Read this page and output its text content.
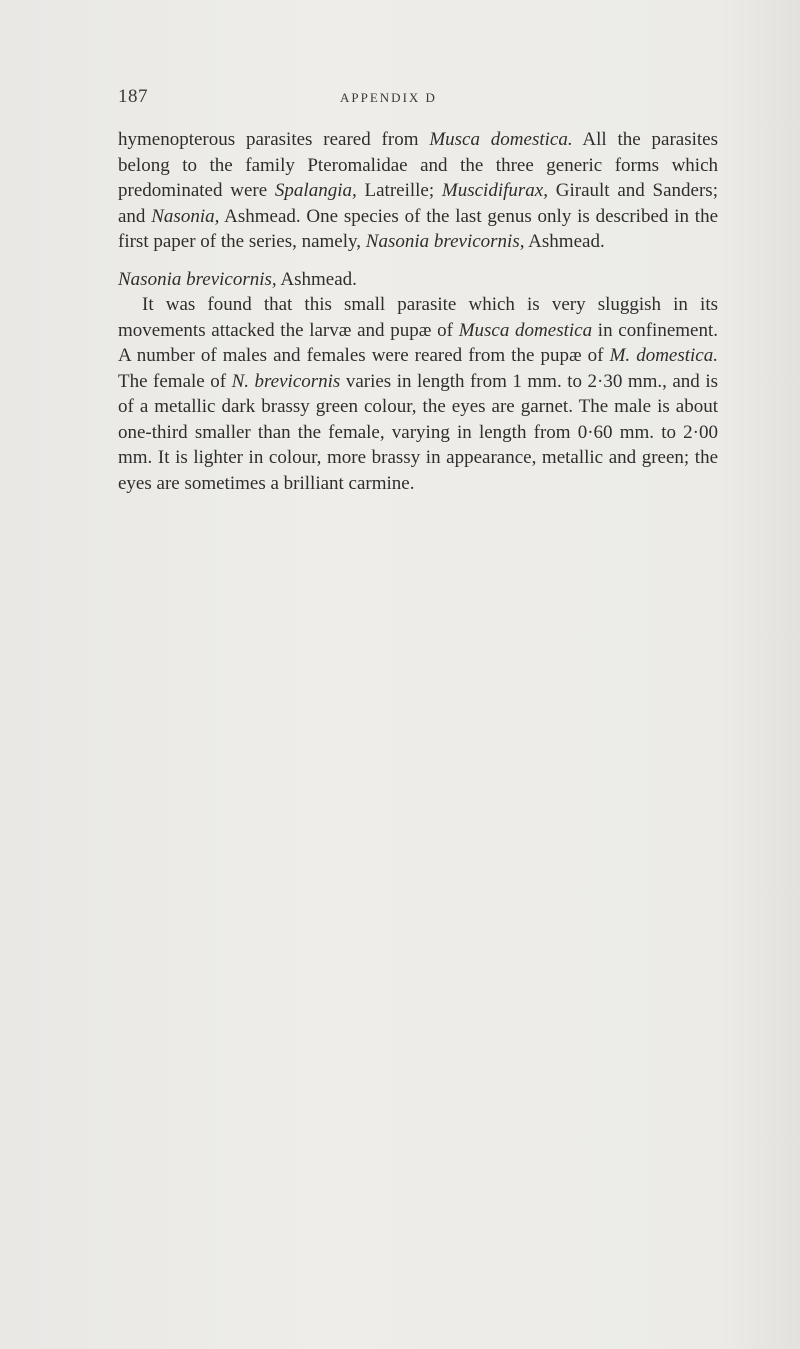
187	APPENDIX D

hymenopterous parasites reared from Musca domestica. All the parasites belong to the family Pteromalidae and the three generic forms which predominated were Spalangia, Latreille; Muscidifurax, Girault and Sanders; and Nasonia, Ashmead. One species of the last genus only is described in the first paper of the series, namely, Nasonia brevicornis, Ashmead.

Nasonia brevicornis, Ashmead.

It was found that this small parasite which is very sluggish in its movements attacked the larvæ and pupæ of Musca domestica in confinement. A number of males and females were reared from the pupæ of M. domestica. The female of N. brevicornis varies in length from 1 mm. to 2·30 mm., and is of a metallic dark brassy green colour, the eyes are garnet. The male is about one-third smaller than the female, varying in length from 0·60 mm. to 2·00 mm. It is lighter in colour, more brassy in appearance, metallic and green; the eyes are sometimes a brilliant carmine.
